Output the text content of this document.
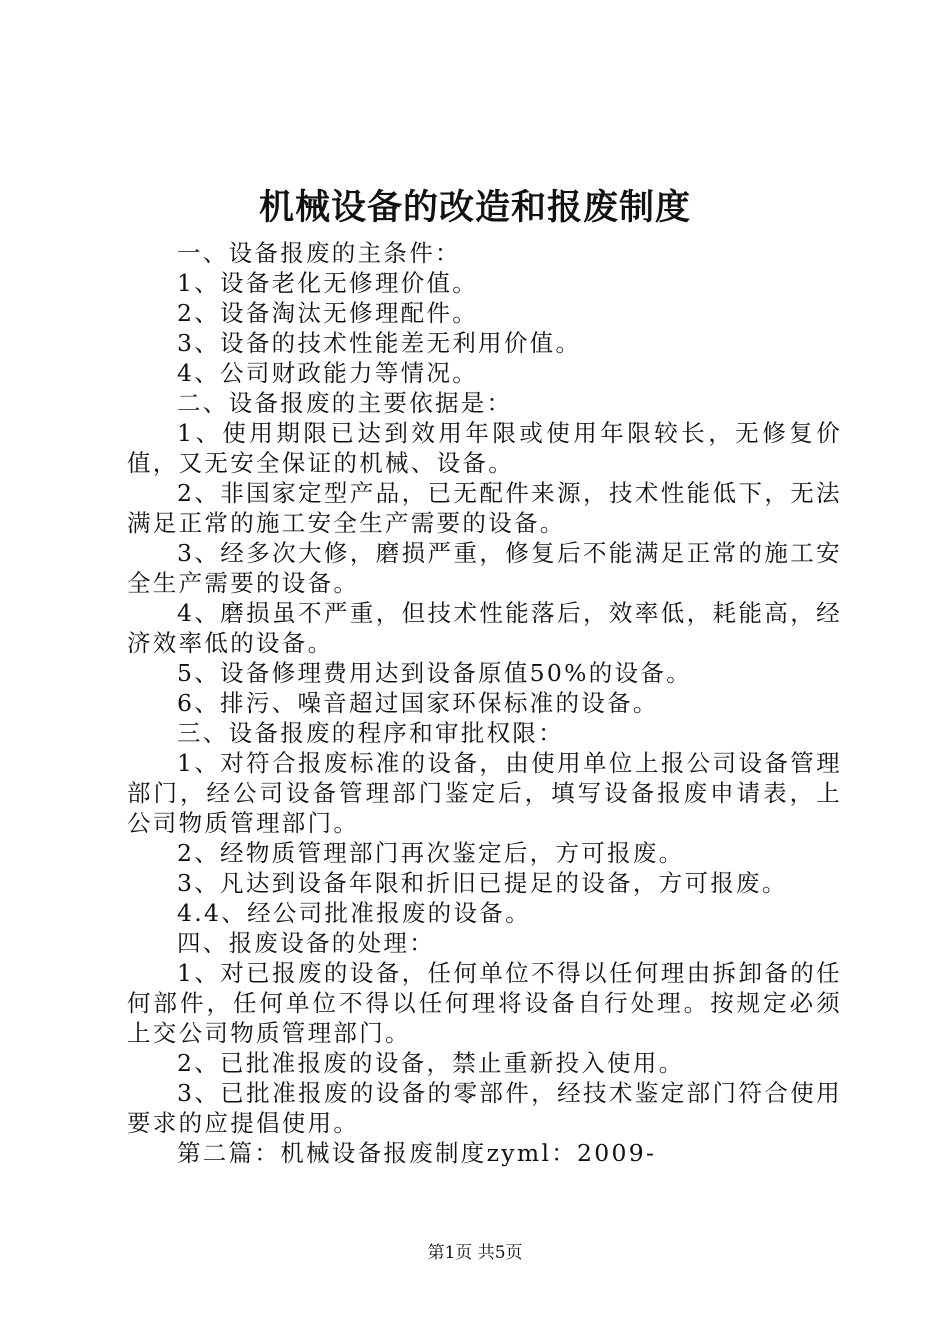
机械设备的改造和报废制度

一、设备报废的主条件：

1、设备老化无修理价值。

2、设备淘汰无修理配件。

3、设备的技术性能差无利用价值。

4、公司财政能力等情况。

二、设备报废的主要依据是：

1、使用期限已达到效用年限或使用年限较长，无修复价值，又无安全保证的机械、设备。

2、非国家定型产品，已无配件来源，技术性能低下，无法满足正常的施工安全生产需要的设备。

3、经多次大修，磨损严重，修复后不能满足正常的施工安全生产需要的设备。

4、磨损虽不严重，但技术性能落后，效率低，耗能高，经济效率低的设备。

5、设备修理费用达到设备原值50%的设备。

6、排污、噪音超过国家环保标准的设备。

三、设备报废的程序和审批权限：

1、对符合报废标准的设备，由使用单位上报公司设备管理部门，经公司设备管理部门鉴定后，填写设备报废申请表，上公司物质管理部门。

2、经物质管理部门再次鉴定后，方可报废。

3、凡达到设备年限和折旧已提足的设备，方可报废。

4.4、经公司批准报废的设备。

四、报废设备的处理：

1、对已报废的设备，任何单位不得以任何理由拆卸备的任何部件，任何单位不得以任何理将设备自行处理。按规定必须上交公司物质管理部门。

2、已批准报废的设备，禁止重新投入使用。

3、已批准报废的设备的零部件，经技术鉴定部门符合使用要求的应提倡使用。

第二篇：机械设备报废制度zyml：2009-

第1页 共5页
